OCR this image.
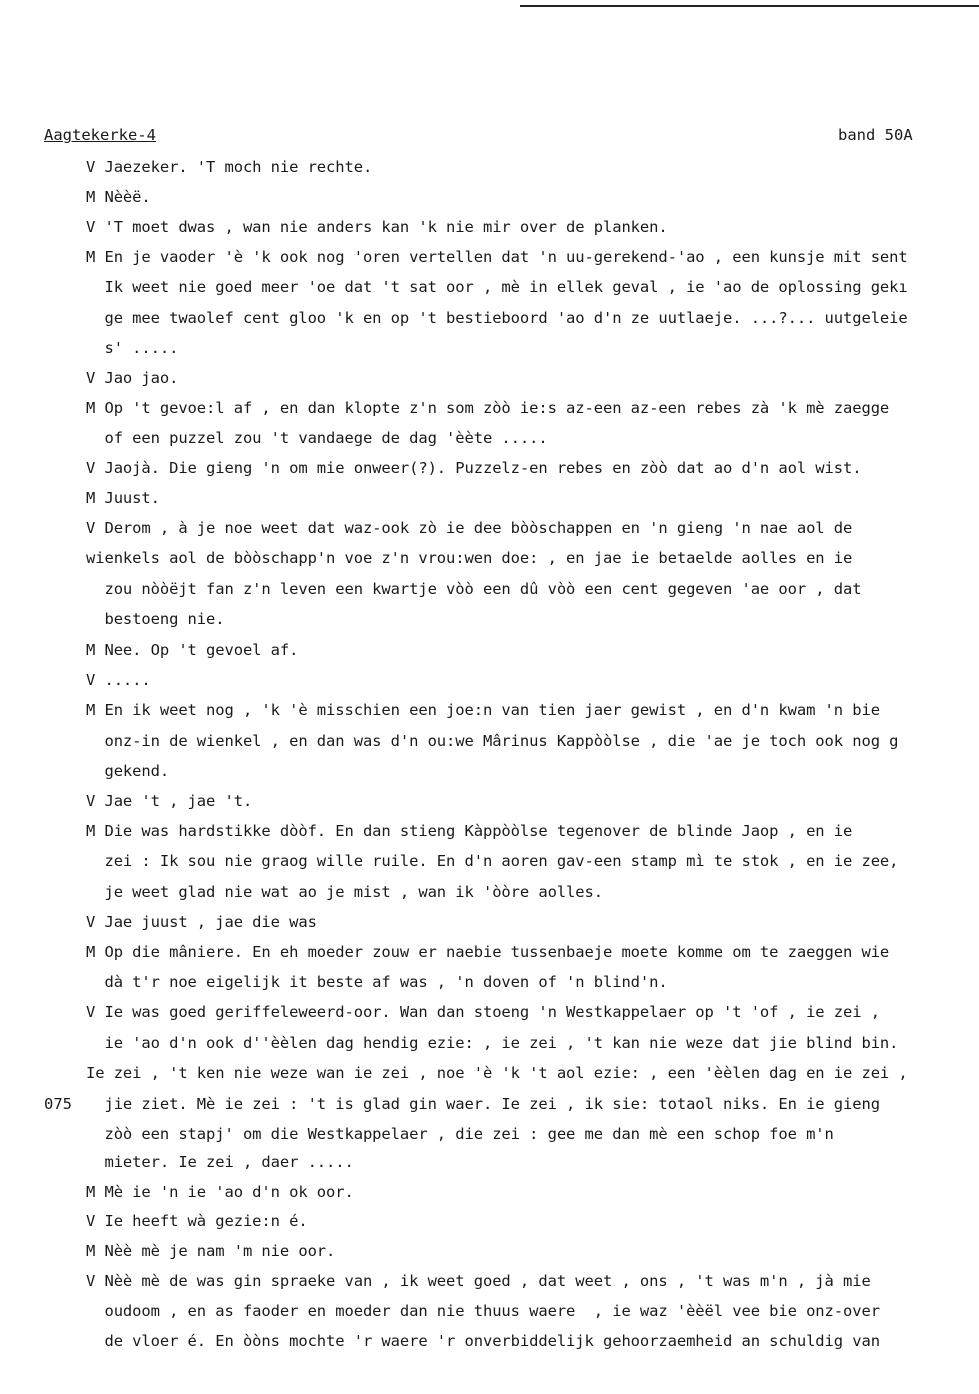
Aagtekerke-4	band 50A
075
V Jaezeker. 'T moch nie rechte.
M Nèèë.
V 'T moet dwas , wan nie anders kan 'k nie mir over de planken.
M En je vaoder 'è 'k ook nog 'oren vertellen dat 'n uu-gerekend-'ao , een kunsje mit sent
Ik weet nie goed meer 'oe dat 't sat oor , mè in ellek geval , ie 'ao de oplossing gekı
ge mee twaolef cent gloo 'k en op 't bestieboord 'ao d'n ze uutlaeje. ...?... uutgeleie
s' .....
V Jao jao.
M Op 't gevoe:l af , en dan klopte z'n som zòò ie:s az-een az-een rebes zà 'k mè zaegge
of een puzzel zou 't vandaege de dag 'èète .....
V Jaojà. Die gieng 'n om mie onweer(?). Puzzelz-en rebes en zòò dat ao d'n aol wist.
M Juust.
V Derom , à je noe weet dat waz-ook zò ie dee bòòschappen en 'n gieng 'n nae aol de
wienkels aol de bòòschapp'n voe z'n vrou:wen doe: , en jae ie betaelde aolles en ie
zou nòòëjt fan z'n leven een kwartje vòò een dû vòò een cent gegeven 'ae oor , dat
bestoeng nie.
M Nee. Op 't gevoel af.
V .....
M En ik weet nog , 'k 'è misschien een joe:n van tien jaer gewist , en d'n kwam 'n bie
onz-in de wienkel , en dan was d'n ou:we Mârinus Kappòòlse , die 'ae je toch ook nog g
gekend.
V Jae 't , jae 't.
M Die was hardstikke dòòf. En dan stieng Kàppòòlse tegenover de blinde Jaop , en ie
zei : Ik sou nie graog wille ruile. En d'n aoren gav-een stamp mì te stok , en ie zee,
je weet glad nie wat ao je mist , wan ik 'òòre aolles.
V Jae juust , jae die was
M Op die mâniere. En eh moeder zouw er naebie tussenbaeje moete komme om te zaeggen wie
dà t'r noe eigelijk it beste af was , 'n doven of 'n blind'n.
V Ie was goed geriffeleweerd-oor. Wan dan stoeng 'n Westkappelaer op 't 'of , ie zei ,
ie 'ao d'n ook d''èèlen dag hendig ezie: , ie zei , 't kan nie weze dat jie blind bin.
Ie zei , 't ken nie weze wan ie zei , noe 'è 'k 't aol ezie: , een 'èèlen dag en ie zei ,
jie ziet. Mè ie zei : 't is glad gin waer. Ie zei , ik sie: totaol niks. En ie gieng
zòò een stapj' om die Westkappelaer , die zei : gee me dan mè een schop foe m'n
mieter. Ie zei , daer .....
M Mè ie 'n ie 'ao d'n ok oor.
V Ie heeft wà gezie:n é.
M Nèè mè je nam 'm nie oor.
V Nèè mè de was gin spraeke van , ik weet goed , dat weet , ons , 't was m'n , jà mie
oudoom , en as faoder en moeder dan nie thuus waere  , ie waz 'èèël vee bie onz-over
de vloer é. En òòns mochte 'r waere 'r onverbiddelijk gehoorzaemheid an schuldig van
